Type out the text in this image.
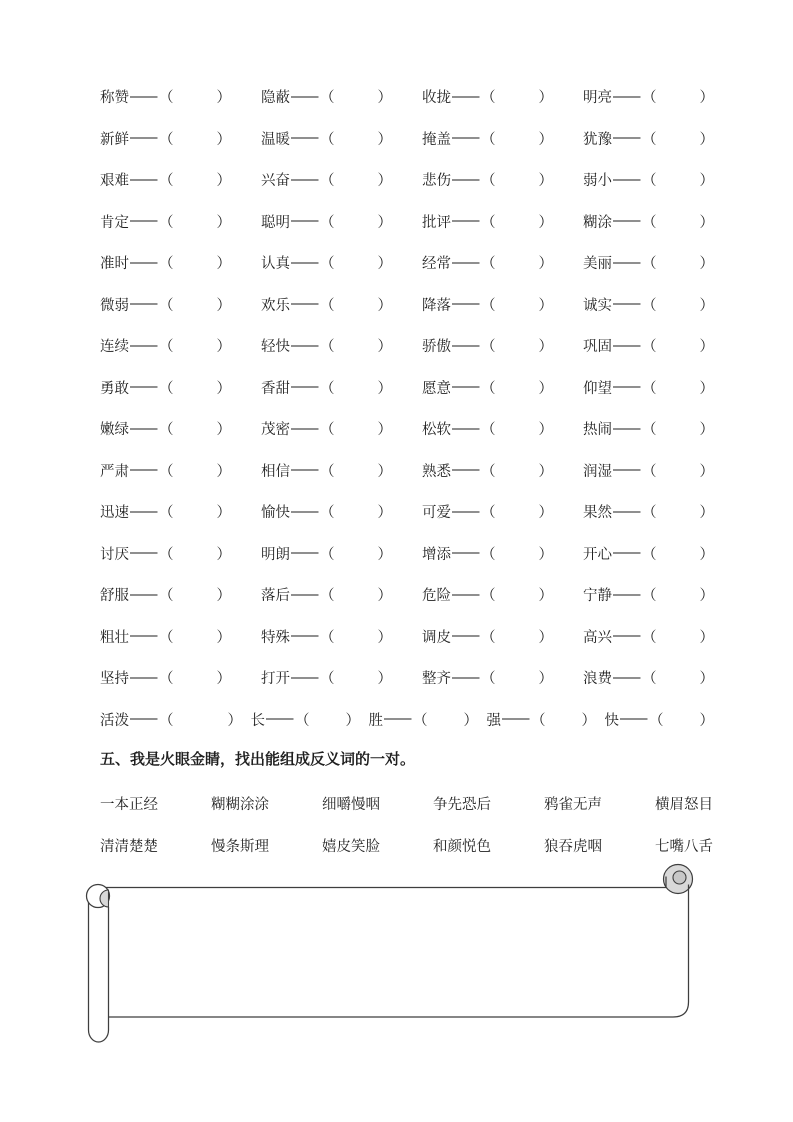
称赞 —— （	） 隐蔽 —— （	） 收拢 —— （	） 明亮 —— （	）
新鲜 —— （	） 温暖 —— （	） 掩盖 —— （	） 犹豫 —— （	）
艰难 —— （	） 兴奋 —— （	） 悲伤 —— （	） 弱小 —— （	）
肯定 —— （	） 聪明 —— （	） 批评 —— （	） 糊涂 —— （	）
准时 —— （	） 认真 —— （	） 经常 —— （	） 美丽 —— （	）
微弱 —— （	） 欢乐 —— （	） 降落 —— （	） 诚实 —— （	）
连续 —— （	） 轻快 —— （	） 骄傲 —— （	） 巩固 —— （	）
勇敢 —— （	） 香甜 —— （	） 愿意 —— （	） 仰望 —— （	）
嫩绿 —— （	） 茂密 —— （	） 松软 —— （	） 热闹 —— （	）
严肃 —— （	） 相信 —— （	） 熟悉 —— （	） 润湿 —— （	）
迅速 —— （	） 愉快 —— （	） 可爱 —— （	） 果然 —— （	）
讨厌 —— （	） 明朗 —— （	） 增添 —— （	） 开心 —— （	）
舒服 —— （	） 落后 —— （	） 危险 —— （	） 宁静 —— （	）
粗壮 —— （	） 特殊 —— （	） 调皮 —— （	） 高兴 —— （	）
坚持 —— （	） 打开 —— （	） 整齐 —— （	） 浪费 —— （	）
活泼 —— （	） 长 —— （ ） 胜 —— （ ） 强 —— （ ） 快 —— （ ）
五、我是火眼金睛，找出能组成反义词的一对。
一本正经	糊糊涂涂	细嚼慢咽	争先恐后	鸦雀无声	横眉怒目
清清楚楚	慢条斯理	嬉皮笑脸	和颜悦色	狼吞虎咽	七嘴八舌
